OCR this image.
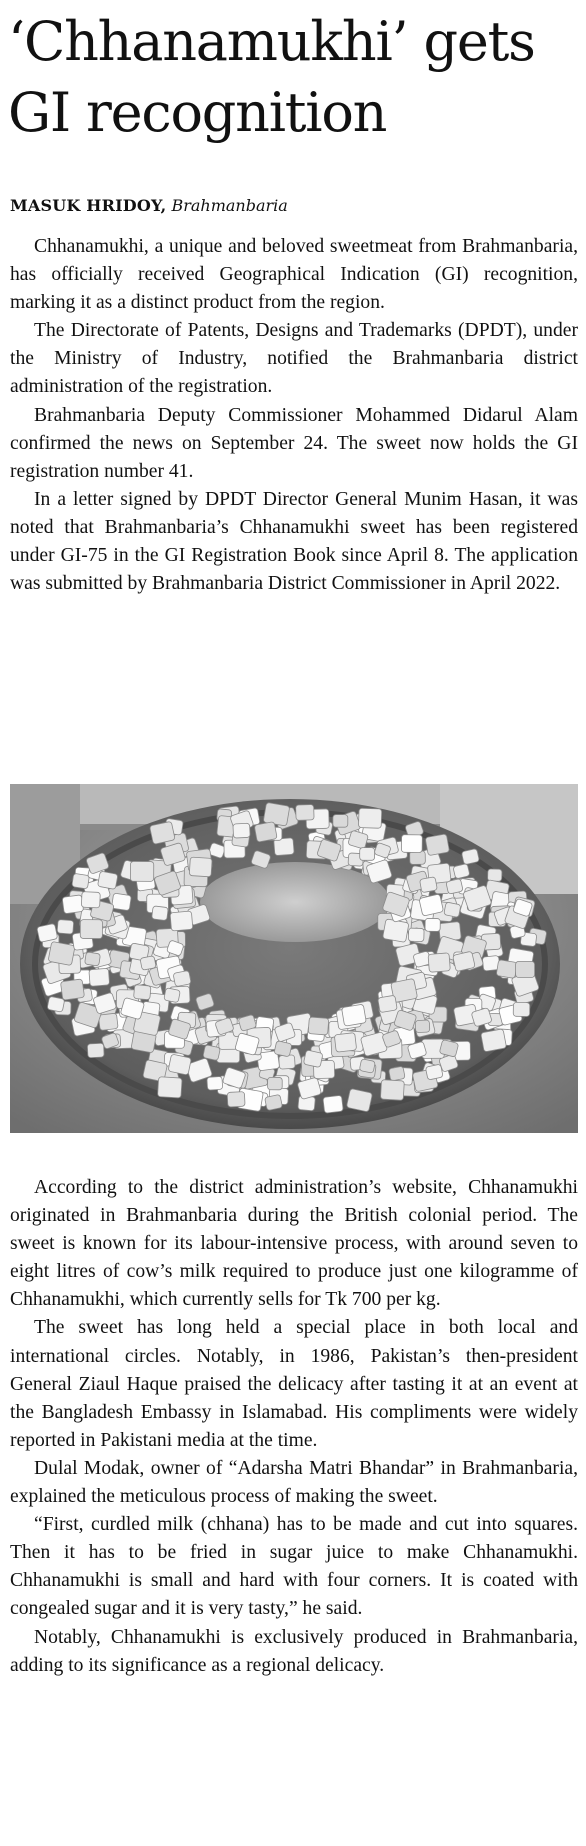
‘Chhanamukhi’ gets GI recognition

MASUK HRIDOY, Brahmanbaria

Chhanamukhi, a unique and beloved sweetmeat from Brahmanbaria, has officially received Geographical Indication (GI) recognition, marking it as a distinct product from the region.

The Directorate of Patents, Designs and Trademarks (DPDT), under the Ministry of Industry, notified the Brahmanbaria district administration of the registration.

Brahmanbaria Deputy Commissioner Mohammed Didarul Alam confirmed the news on September 24. The sweet now holds the GI registration number 41.

In a letter signed by DPDT Director General Munim Hasan, it was noted that Brahmanbaria’s Chhanamukhi sweet has been registered under GI-75 in the GI Registration Book since April 8. The application was submitted by Brahmanbaria District Commissioner in April 2022.

According to the district administration’s website, Chhanamukhi originated in Brahmanbaria during the British colonial period. The sweet is known for its labour-intensive process, with around seven to eight litres of cow’s milk required to produce just one kilogramme of Chhanamukhi, which currently sells for Tk 700 per kg.

The sweet has long held a special place in both local and international circles. Notably, in 1986, Pakistan’s then-president General Ziaul Haque praised the delicacy after tasting it at an event at the Bangladesh Embassy in Islamabad. His compliments were widely reported in Pakistani media at the time.

Dulal Modak, owner of “Adarsha Matri Bhandar” in Brahmanbaria, explained the meticulous process of making the sweet.

“First, curdled milk (chhana) has to be made and cut into squares. Then it has to be fried in sugar juice to make Chhanamukhi. Chhanamukhi is small and hard with four corners. It is coated with congealed sugar and it is very tasty,” he said.

Notably, Chhanamukhi is exclusively produced in Brahmanbaria, adding to its significance as a regional delicacy.
